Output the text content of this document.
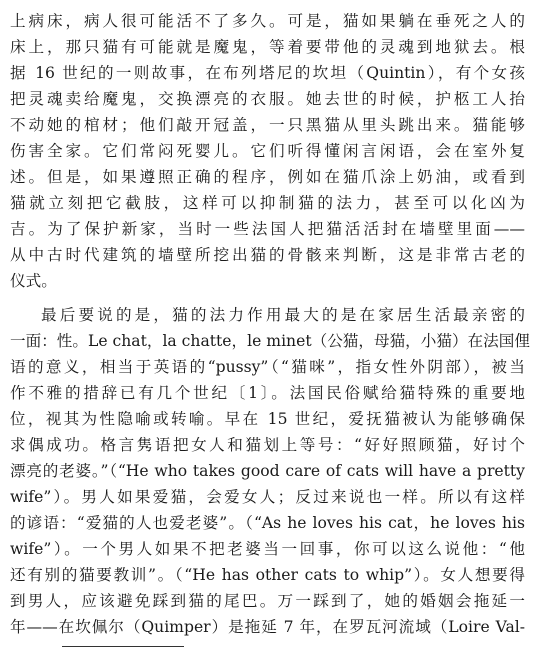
上病床，病人很可能活不了多久。可是，猫如果躺在垂死之人的
床上，那只猫有可能就是魔鬼，等着要带他的灵魂到地狱去。根
据 16 世纪的一则故事，在布列塔尼的坎坦（Quintin），有个女孩
把灵魂卖给魔鬼，交换漂亮的衣服。她去世的时候，护柩工人抬
不动她的棺材；他们敲开冠盖，一只黑猫从里头跳出来。猫能够
伤害全家。它们常闷死婴儿。它们听得懂闲言闲语，会在室外复
述。但是，如果遵照正确的程序，例如在猫爪涂上奶油，或看到
猫就立刻把它截肢，这样可以抑制猫的法力，甚至可以化凶为
吉。为了保护新家，当时一些法国人把猫活活封在墙壁里面——
从中古时代建筑的墙壁所挖出猫的骨骸来判断，这是非常古老的
仪式。
最后要说的是，猫的法力作用最大的是在家居生活最亲密的
一面：性。Le chat，la chatte，le minet（公猫，母猫，小猫）在法国俚
语的意义，相当于英语的“pussy”（“猫咪”，指女性外阴部），被当
作不雅的措辞已有几个世纪〔1〕。法国民俗赋给猫特殊的重要地
位，视其为性隐喻或转喻。早在 15 世纪，爱抚猫被认为能够确保
求偶成功。格言隽语把女人和猫划上等号：“好好照顾猫，好讨个
漂亮的老婆。”（“He who takes good care of cats will have a pretty
wife”）。男人如果爱猫，会爱女人；反过来说也一样。所以有这样
的谚语：“爱猫的人也爱老婆”。（“As he loves his cat，he loves his
wife”）。一个男人如果不把老婆当一回事，你可以这么说他：“他
还有别的猫要教训”。（“He has other cats to whip”）。女人想要得
到男人，应该避免踩到猫的尾巴。万一踩到了，她的婚姻会拖延一
年——在坎佩尔（Quimper）是拖延 7 年，在罗瓦河流域（Loire Val-
